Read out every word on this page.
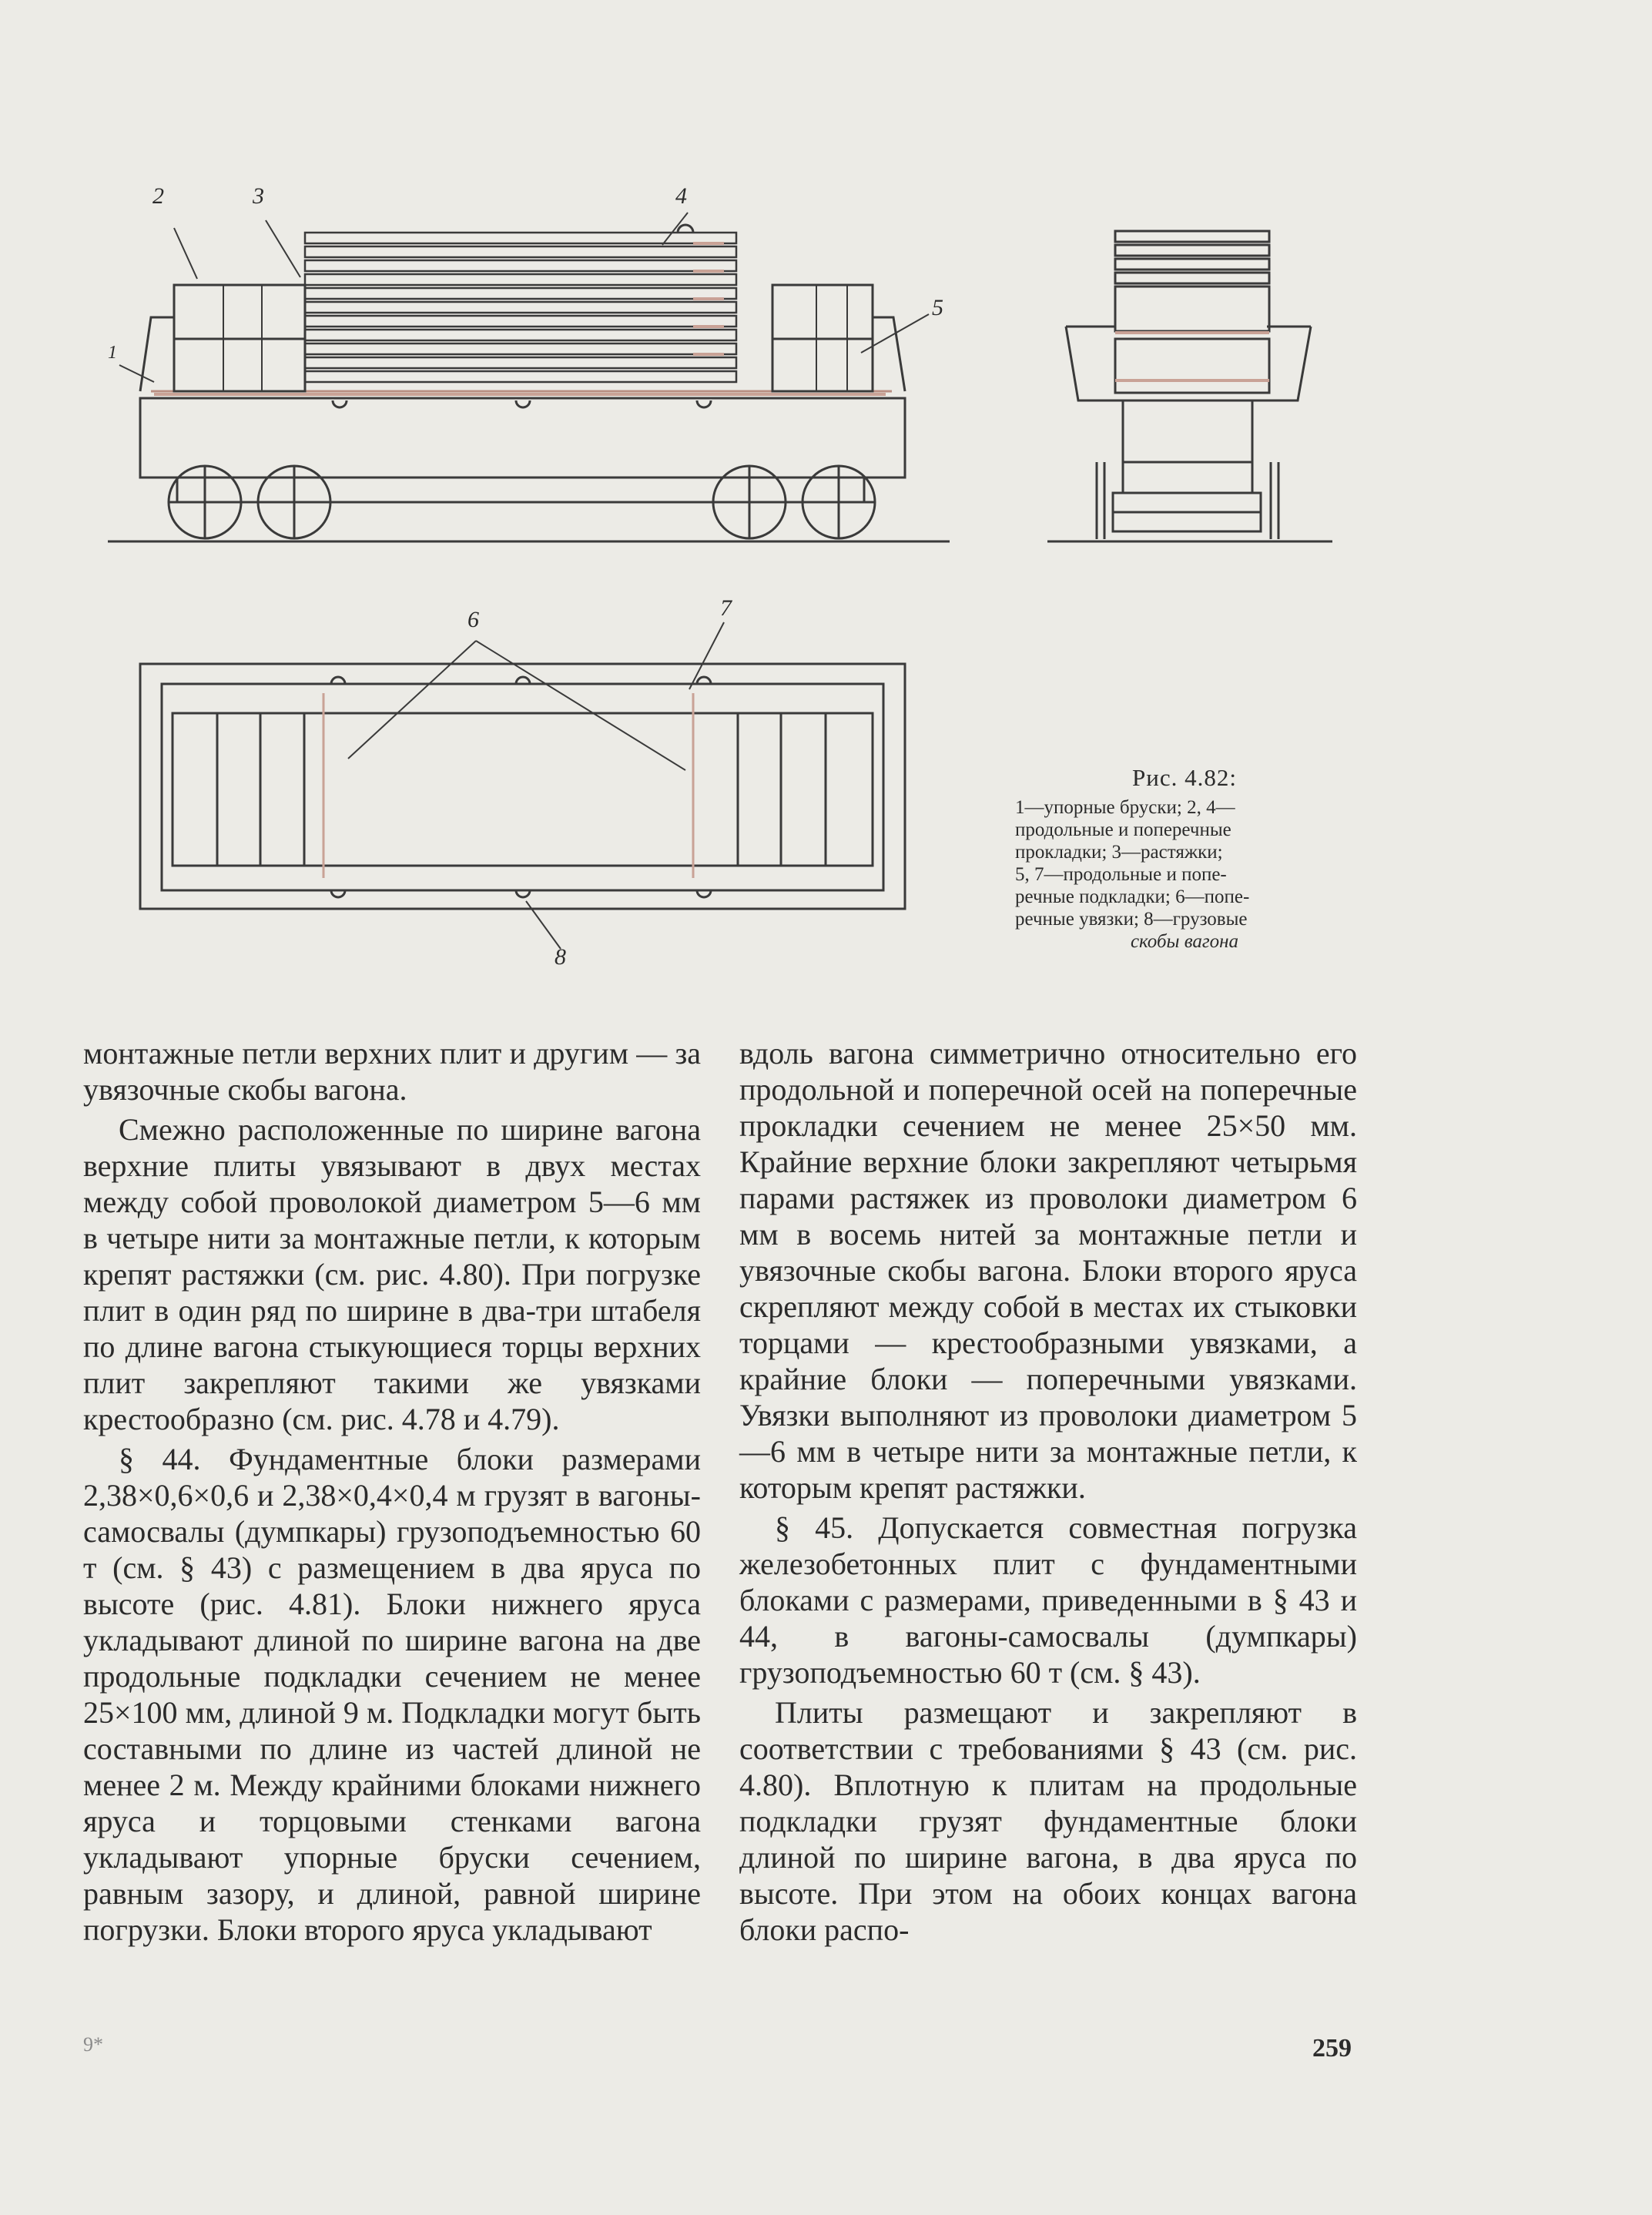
2	3	4
5
1
6	7
8
Рис. 4.82:
1—упорные бруски; 2, 4—
продольные и поперечные
прокладки; 3—растяжки;
5, 7—продольные и попе-
речные подкладки; 6—попе-
речные увязки; 8—грузовые
скобы вагона

монтажные петли верхних плит и другим — за увязочные скобы вагона.

Смежно расположенные по ширине вагона верхние плиты увязывают в двух местах между собой проволокой диаметром 5—6 мм в четыре нити за монтажные петли, к которым крепят растяжки (см. рис. 4.80). При погрузке плит в один ряд по ширине в два-три штабеля по длине вагона стыкующиеся торцы верхних плит закрепляют такими же увязками крестообразно (см. рис. 4.78 и 4.79).

§ 44. Фундаментные блоки размерами 2,38×0,6×0,6 и 2,38×0,4×0,4 м грузят в вагоны-самосвалы (думпкары) грузоподъемностью 60 т (см. § 43) с размещением в два яруса по высоте (рис. 4.81). Блоки нижнего яруса укладывают длиной по ширине вагона на две продольные подкладки сечением не менее 25×100 мм, длиной 9 м. Подкладки могут быть составными по длине из частей длиной не менее 2 м. Между крайними блоками нижнего яруса и торцовыми стенками вагона укладывают упорные бруски сечением, равным зазору, и длиной, равной ширине погрузки. Блоки второго яруса укладывают

вдоль вагона симметрично относительно его продольной и поперечной осей на поперечные прокладки сечением не менее 25×50 мм. Крайние верхние блоки закрепляют четырьмя парами растяжек из проволоки диаметром 6 мм в восемь нитей за монтажные петли и увязочные скобы вагона. Блоки второго яруса скрепляют между собой в местах их стыковки торцами — крестообразными увязками, а крайние блоки — поперечными увязками. Увязки выполняют из проволоки диаметром 5—6 мм в четыре нити за монтажные петли, к которым крепят растяжки.

§ 45. Допускается совместная погрузка железобетонных плит с фундаментными блоками с размерами, приведенными в § 43 и 44, в вагоны-самосвалы (думпкары) грузоподъемностью 60 т (см. § 43).

Плиты размещают и закрепляют в соответствии с требованиями § 43 (см. рис. 4.80). Вплотную к плитам на продольные подкладки грузят фундаментные блоки длиной по ширине вагона, в два яруса по высоте. При этом на обоих концах вагона блоки распо-

9*	259
